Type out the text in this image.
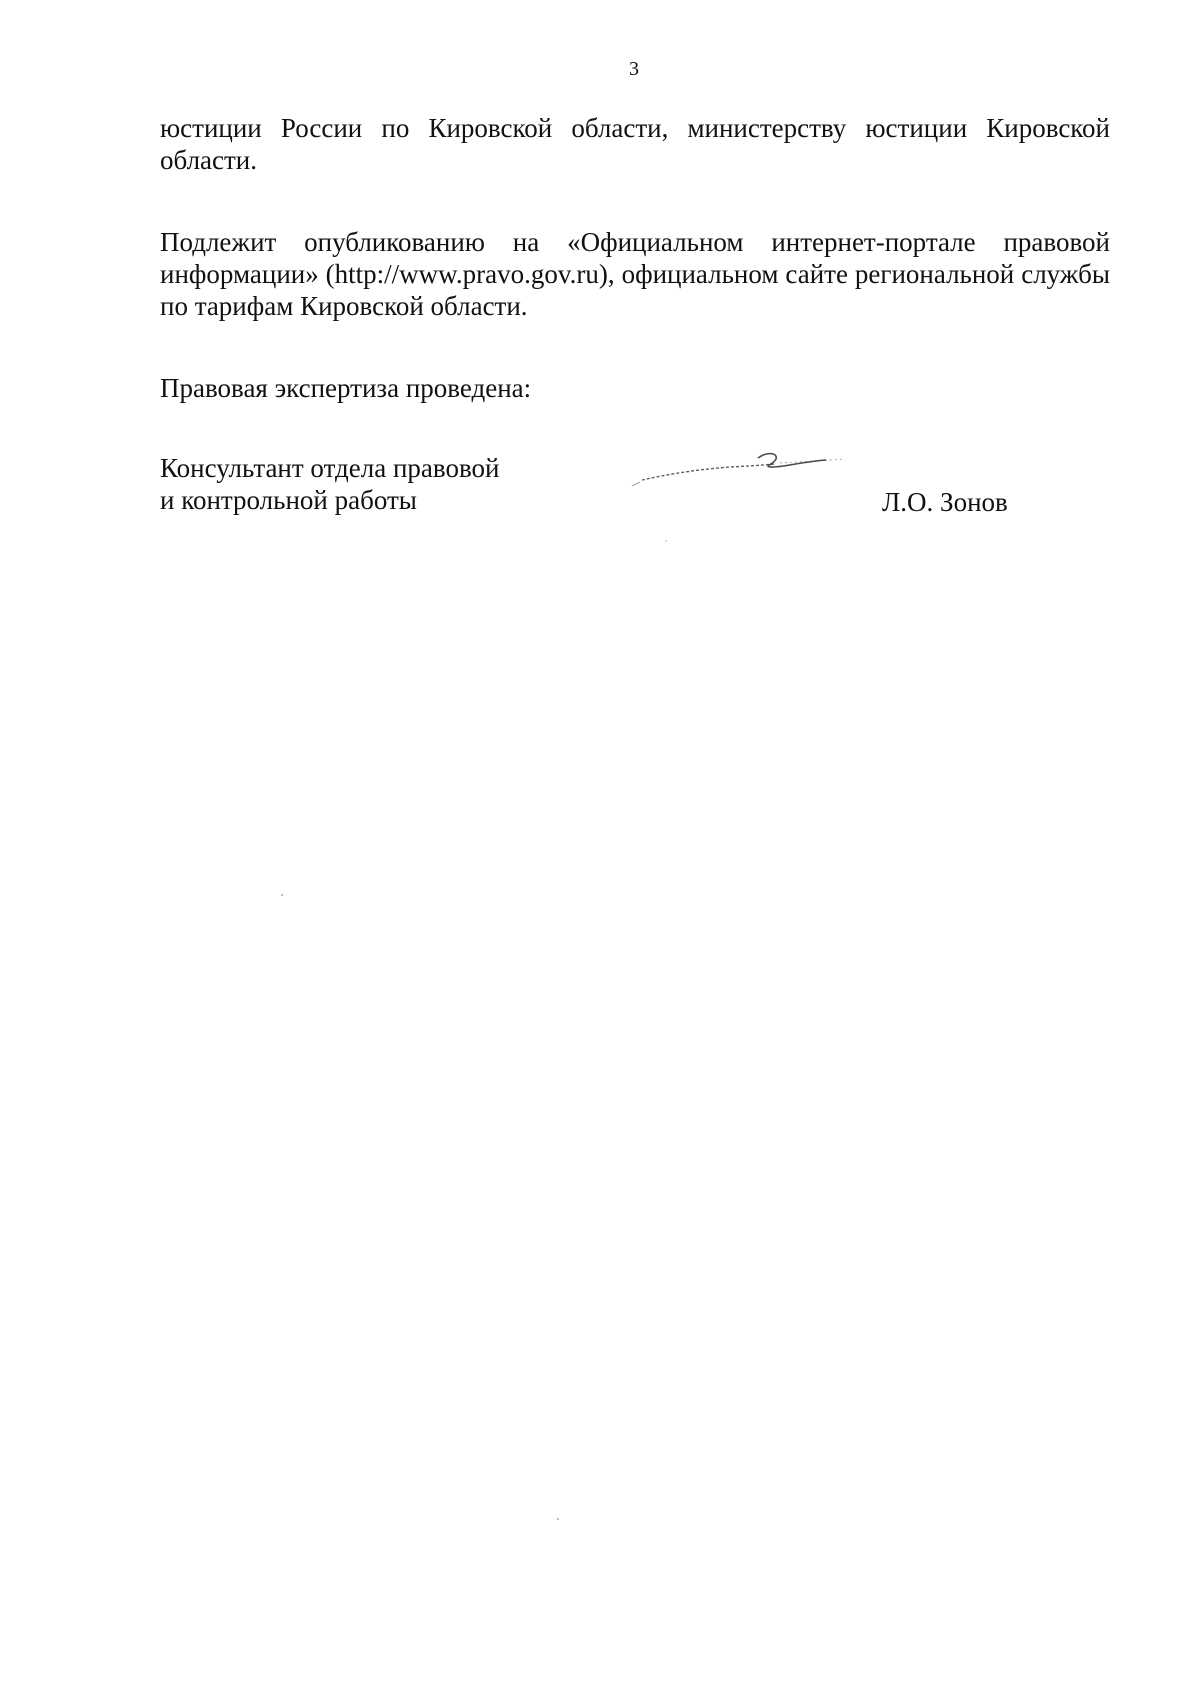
3

юстиции России по Кировской области, министерству юстиции Кировской области.

Подлежит опубликованию на «Официальном интернет-портале правовой информации» (http://www.pravo.gov.ru), официальном сайте региональной службы по тарифам Кировской области.

Правовая экспертиза проведена:

Консультант отдела правовой
и контрольной работы	Л.О. Зонов
